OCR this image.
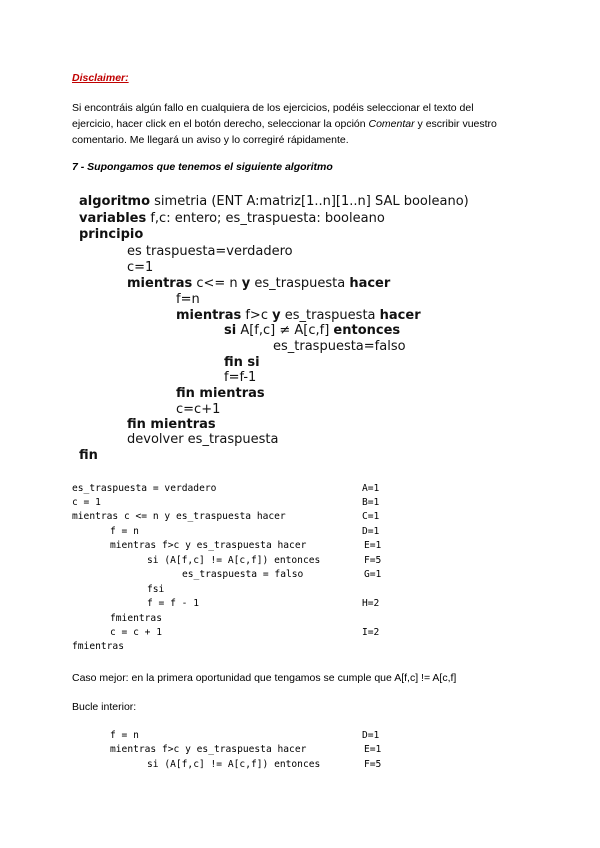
Disclaimer:
Si encontráis algún fallo en cualquiera de los ejercicios, podéis seleccionar el texto del
ejercicio, hacer click en el botón derecho, seleccionar la opción Comentar y escribir vuestro
comentario. Me llegará un aviso y lo corregiré rápidamente.
7 - Supongamos que tenemos el siguiente algoritmo
algoritmo simetria (ENT A:matriz[1..n][1..n] SAL booleano)
variables f,c: entero; es_traspuesta: booleano
principio
es traspuesta=verdadero
c=1
mientras c<= n y es_traspuesta hacer
f=n
mientras f>c y es_traspuesta hacer
si A[f,c] ≠ A[c,f] entonces
es_traspuesta=falso
fin si
f=f-1
fin mientras
c=c+1
fin mientras
devolver es_traspuesta
fin
es_traspuesta = verdadero	A=1
c = 1	B=1
mientras c <= n y es_traspuesta hacer	C=1
f = n	D=1
mientras f>c y es_traspuesta hacer	E=1
si (A[f,c] != A[c,f]) entonces	F=5
es_traspuesta = falso	G=1
fsi
f = f - 1	H=2
fmientras
c = c + 1	I=2
fmientras
Caso mejor: en la primera oportunidad que tengamos se cumple que A[f,c] != A[c,f]
Bucle interior:
f = n	D=1
mientras f>c y es_traspuesta hacer	E=1
si (A[f,c] != A[c,f]) entonces	F=5
